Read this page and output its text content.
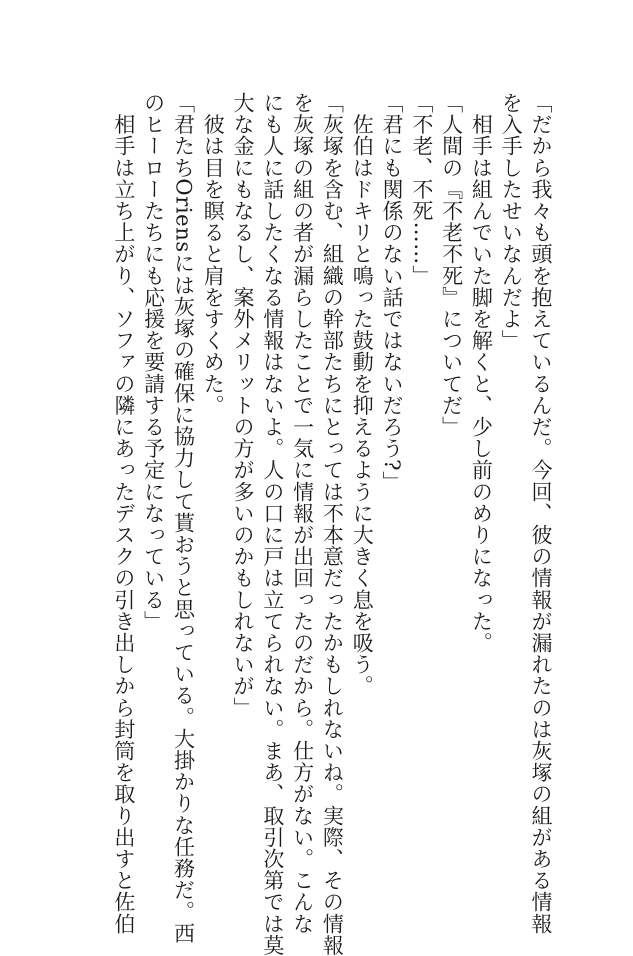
「だから我々も頭を抱えているんだ。今回、彼の情報が漏れたのは灰塚の組がある情報
を入手したせいなんだよ」
　相手は組んでいた脚を解くと、少し前のめりになった。
「人間の『不老不死』についてだ」
「不老、不死……」
「君にも関係のない話ではないだろう?」
　佐伯はドキリと鳴った鼓動を抑えるように大きく息を吸う。
「灰塚を含む、組織の幹部たちにとっては不本意だったかもしれないね。実際、その情報
を灰塚の組の者が漏らしたことで一気に情報が出回ったのだから。仕方がない。こんな
にも人に話したくなる情報はないよ。人の口に戸は立てられない。まあ、取引次第では莫
大な金にもなるし、案外メリットの方が多いのかもしれないが」
　彼は目を瞑ると肩をすくめた。
「君たちOriensには灰塚の確保に協力して貰おうと思っている。大掛かりな任務だ。西
のヒーローたちにも応援を要請する予定になっている」
　相手は立ち上がり、ソファの隣にあったデスクの引き出しから封筒を取り出すと佐伯
